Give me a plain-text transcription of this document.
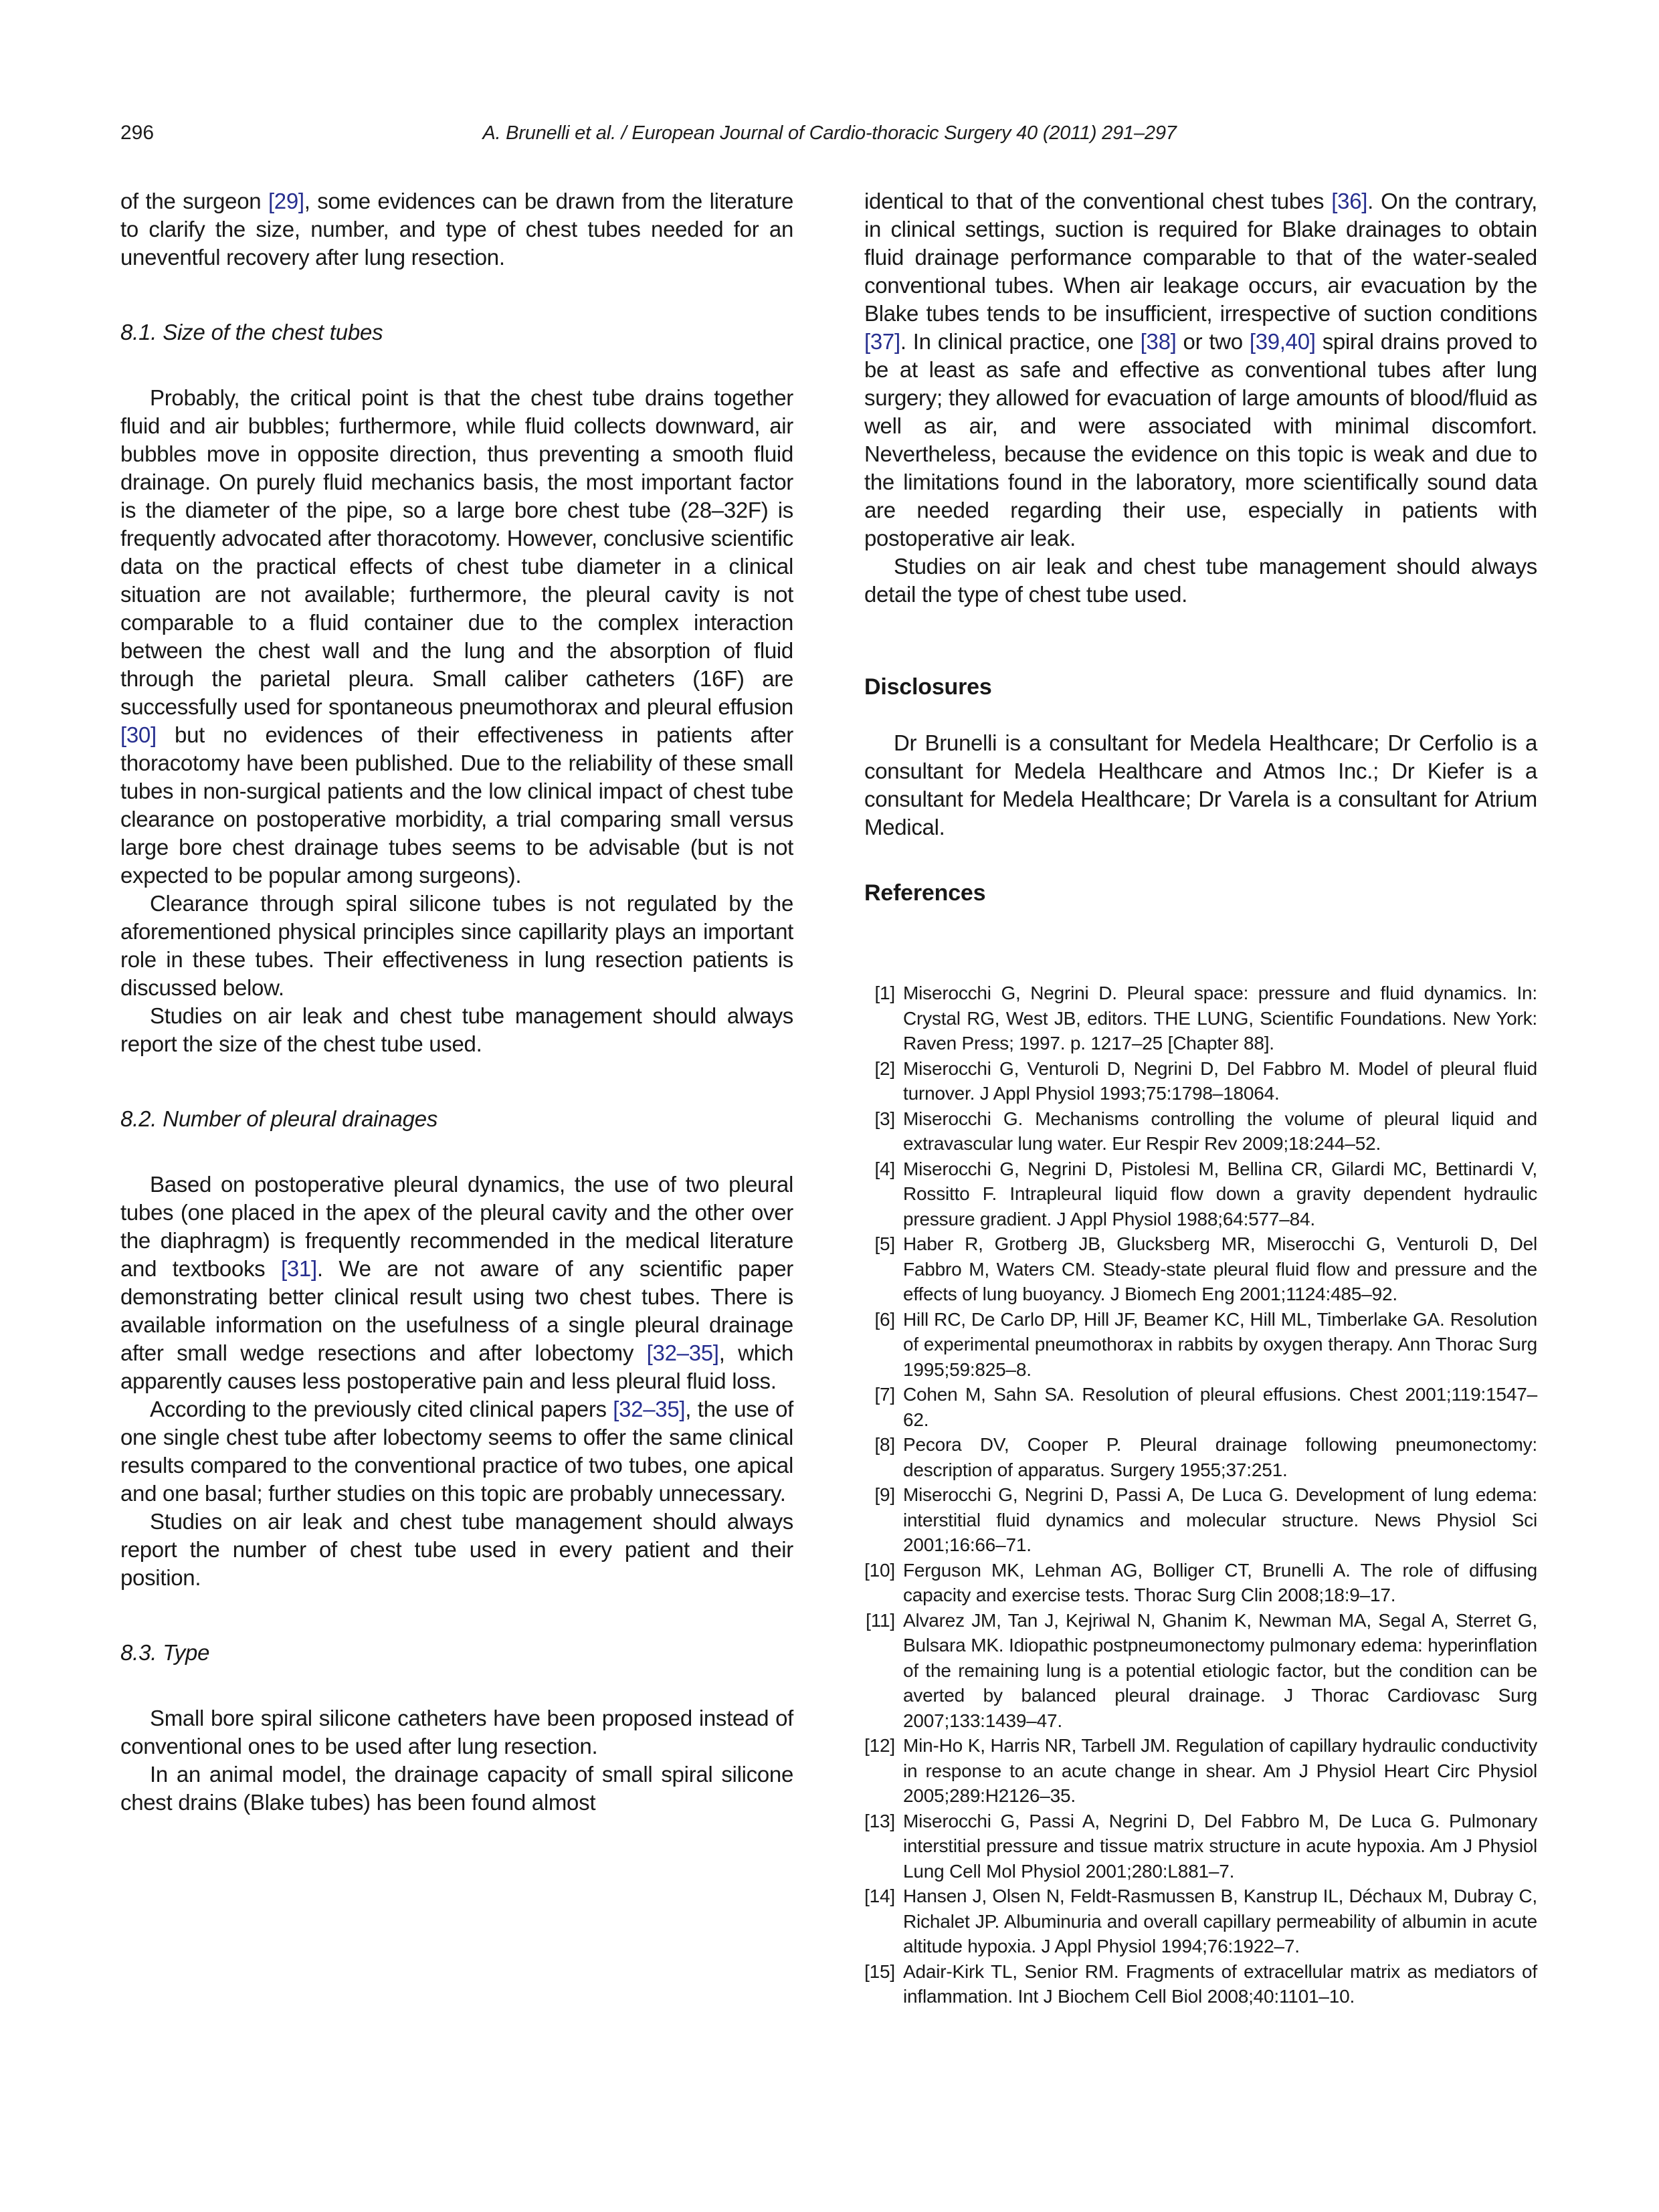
296	A. Brunelli et al. / European Journal of Cardio-thoracic Surgery 40 (2011) 291–297

of the surgeon [29], some evidences can be drawn from the literature to clarify the size, number, and type of chest tubes needed for an uneventful recovery after lung resection.

8.1. Size of the chest tubes

Probably, the critical point is that the chest tube drains together fluid and air bubbles; furthermore, while fluid collects downward, air bubbles move in opposite direction, thus preventing a smooth fluid drainage. On purely fluid mechanics basis, the most important factor is the diameter of the pipe, so a large bore chest tube (28–32F) is frequently advocated after thoracotomy. However, conclusive scientific data on the practical effects of chest tube diameter in a clinical situation are not available; furthermore, the pleural cavity is not comparable to a fluid container due to the complex interaction between the chest wall and the lung and the absorption of fluid through the parietal pleura. Small caliber catheters (16F) are successfully used for spontaneous pneumothorax and pleural effusion [30] but no evidences of their effectiveness in patients after thoracotomy have been published. Due to the reliability of these small tubes in non-surgical patients and the low clinical impact of chest tube clearance on postoperative morbidity, a trial comparing small versus large bore chest drainage tubes seems to be advisable (but is not expected to be popular among surgeons).

Clearance through spiral silicone tubes is not regulated by the aforementioned physical principles since capillarity plays an important role in these tubes. Their effectiveness in lung resection patients is discussed below.

Studies on air leak and chest tube management should always report the size of the chest tube used.

8.2. Number of pleural drainages

Based on postoperative pleural dynamics, the use of two pleural tubes (one placed in the apex of the pleural cavity and the other over the diaphragm) is frequently recommended in the medical literature and textbooks [31]. We are not aware of any scientific paper demonstrating better clinical result using two chest tubes. There is available information on the usefulness of a single pleural drainage after small wedge resections and after lobectomy [32–35], which apparently causes less postoperative pain and less pleural fluid loss.

According to the previously cited clinical papers [32–35], the use of one single chest tube after lobectomy seems to offer the same clinical results compared to the conventional practice of two tubes, one apical and one basal; further studies on this topic are probably unnecessary.

Studies on air leak and chest tube management should always report the number of chest tube used in every patient and their position.

8.3. Type

Small bore spiral silicone catheters have been proposed instead of conventional ones to be used after lung resection.

In an animal model, the drainage capacity of small spiral silicone chest drains (Blake tubes) has been found almost

identical to that of the conventional chest tubes [36]. On the contrary, in clinical settings, suction is required for Blake drainages to obtain fluid drainage performance comparable to that of the water-sealed conventional tubes. When air leakage occurs, air evacuation by the Blake tubes tends to be insufficient, irrespective of suction conditions [37]. In clinical practice, one [38] or two [39,40] spiral drains proved to be at least as safe and effective as conventional tubes after lung surgery; they allowed for evacuation of large amounts of blood/fluid as well as air, and were associated with minimal discomfort. Nevertheless, because the evidence on this topic is weak and due to the limitations found in the laboratory, more scientifically sound data are needed regarding their use, especially in patients with postoperative air leak.

Studies on air leak and chest tube management should always detail the type of chest tube used.

Disclosures

Dr Brunelli is a consultant for Medela Healthcare; Dr Cerfolio is a consultant for Medela Healthcare and Atmos Inc.; Dr Kiefer is a consultant for Medela Healthcare; Dr Varela is a consultant for Atrium Medical.

References
[1] Miserocchi G, Negrini D. Pleural space: pressure and fluid dynamics. In: Crystal RG, West JB, editors. THE LUNG, Scientific Foundations. New York: Raven Press; 1997. p. 1217–25 [Chapter 88].
[2] Miserocchi G, Venturoli D, Negrini D, Del Fabbro M. Model of pleural fluid turnover. J Appl Physiol 1993;75:1798–18064.
[3] Miserocchi G. Mechanisms controlling the volume of pleural liquid and extravascular lung water. Eur Respir Rev 2009;18:244–52.
[4] Miserocchi G, Negrini D, Pistolesi M, Bellina CR, Gilardi MC, Bettinardi V, Rossitto F. Intrapleural liquid flow down a gravity dependent hydraulic pressure gradient. J Appl Physiol 1988;64:577–84.
[5] Haber R, Grotberg JB, Glucksberg MR, Miserocchi G, Venturoli D, Del Fabbro M, Waters CM. Steady-state pleural fluid flow and pressure and the effects of lung buoyancy. J Biomech Eng 2001;1124:485–92.
[6] Hill RC, De Carlo DP, Hill JF, Beamer KC, Hill ML, Timberlake GA. Resolution of experimental pneumothorax in rabbits by oxygen therapy. Ann Thorac Surg 1995;59:825–8.
[7] Cohen M, Sahn SA. Resolution of pleural effusions. Chest 2001;119:1547–62.
[8] Pecora DV, Cooper P. Pleural drainage following pneumonectomy: description of apparatus. Surgery 1955;37:251.
[9] Miserocchi G, Negrini D, Passi A, De Luca G. Development of lung edema: interstitial fluid dynamics and molecular structure. News Physiol Sci 2001;16:66–71.
[10] Ferguson MK, Lehman AG, Bolliger CT, Brunelli A. The role of diffusing capacity and exercise tests. Thorac Surg Clin 2008;18:9–17.
[11] Alvarez JM, Tan J, Kejriwal N, Ghanim K, Newman MA, Segal A, Sterret G, Bulsara MK. Idiopathic postpneumonectomy pulmonary edema: hyperinflation of the remaining lung is a potential etiologic factor, but the condition can be averted by balanced pleural drainage. J Thorac Cardiovasc Surg 2007;133:1439–47.
[12] Min-Ho K, Harris NR, Tarbell JM. Regulation of capillary hydraulic conductivity in response to an acute change in shear. Am J Physiol Heart Circ Physiol 2005;289:H2126–35.
[13] Miserocchi G, Passi A, Negrini D, Del Fabbro M, De Luca G. Pulmonary interstitial pressure and tissue matrix structure in acute hypoxia. Am J Physiol Lung Cell Mol Physiol 2001;280:L881–7.
[14] Hansen J, Olsen N, Feldt-Rasmussen B, Kanstrup IL, Déchaux M, Dubray C, Richalet JP. Albuminuria and overall capillary permeability of albumin in acute altitude hypoxia. J Appl Physiol 1994;76:1922–7.
[15] Adair-Kirk TL, Senior RM. Fragments of extracellular matrix as mediators of inflammation. Int J Biochem Cell Biol 2008;40:1101–10.
